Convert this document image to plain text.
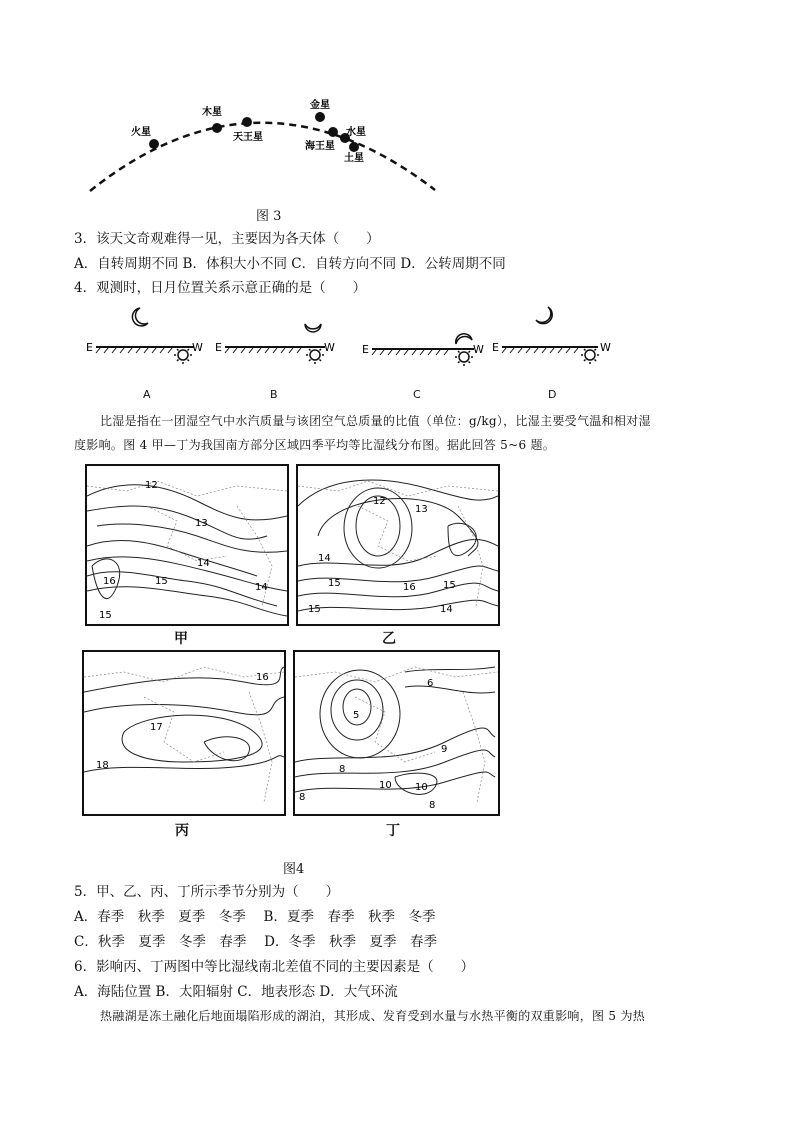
火星
木星
天王星
金星
水星
海王星
土星
图 3
3．该天文奇观难得一见，主要因为各天体（　　）
A．自转周期不同 B．体积大小不同 C．自转方向不同 D．公转周期不同
4．观测时，日月位置关系示意正确的是（　　）
E	W
A
E	W
B
E	W
C
E	W
D
比湿是指在一团湿空气中水汽质量与该团空气总质量的比值（单位：g/kg），比湿主要受气温和相对湿
度影响。图 4 甲—丁为我国南方部分区域四季平均等比湿线分布图。据此回答 5~6 题。
12
13
14
15
16
15
14
甲
12
13
14
15	16	15
14
15
乙
16
17
18
丙
6
5
8
9
10
8
8
10
丁
图4
5．甲、乙、丙、丁所示季节分别为（　　）
A．春季　秋季　夏季　冬季　 B．夏季　春季　秋季　冬季
C．秋季　夏季　冬季　春季　 D．冬季　秋季　夏季　春季
6．影响丙、丁两图中等比湿线南北差值不同的主要因素是（　　）
A．海陆位置 B．太阳辐射 C．地表形态 D．大气环流
热融湖是冻土融化后地面塌陷形成的湖泊，其形成、发育受到水量与水热平衡的双重影响，图 5 为热
